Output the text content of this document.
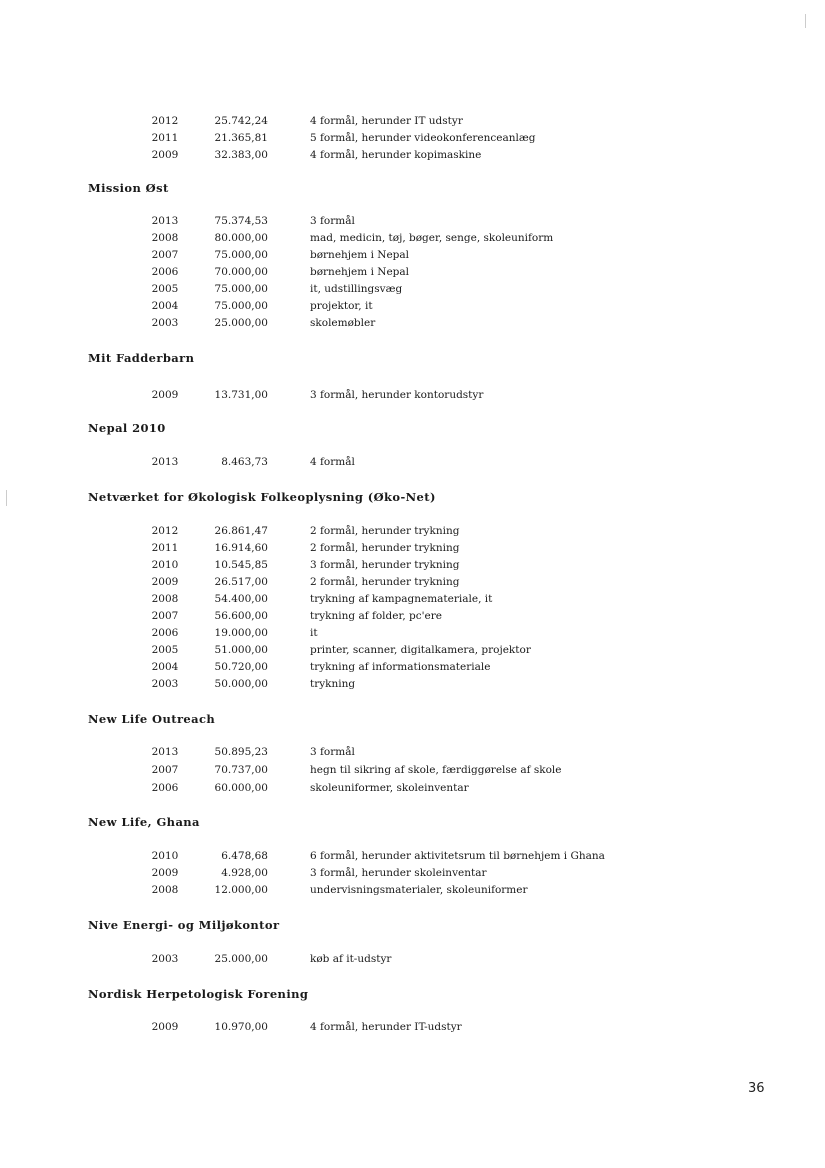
2012	25.742,24	4 formål, herunder IT udstyr
2011	21.365,81	5 formål, herunder videokonferenceanlæg
2009	32.383,00	4 formål, herunder kopimaskine
Mission Øst
2013	75.374,53	3 formål
2008	80.000,00	mad, medicin, tøj, bøger, senge, skoleuniform
2007	75.000,00	børnehjem i Nepal
2006	70.000,00	børnehjem i Nepal
2005	75.000,00	it, udstillingsvæg
2004	75.000,00	projektor, it
2003	25.000,00	skolemøbler
Mit Fadderbarn
2009	13.731,00	3 formål, herunder kontorudstyr
Nepal 2010
2013	8.463,73	4 formål
Netværket for Økologisk Folkeoplysning (Øko-Net)
2012	26.861,47	2 formål, herunder trykning
2011	16.914,60	2 formål, herunder trykning
2010	10.545,85	3 formål, herunder trykning
2009	26.517,00	2 formål, herunder trykning
2008	54.400,00	trykning af kampagnemateriale, it
2007	56.600,00	trykning af folder, pc'ere
2006	19.000,00	it
2005	51.000,00	printer, scanner, digitalkamera, projektor
2004	50.720,00	trykning af informationsmateriale
2003	50.000,00	trykning
New Life Outreach
2013	50.895,23	3 formål
2007	70.737,00	hegn til sikring af skole, færdiggørelse af skole
2006	60.000,00	skoleuniformer, skoleinventar
New Life, Ghana
2010	6.478,68	6 formål, herunder aktivitetsrum til børnehjem i Ghana
2009	4.928,00	3 formål, herunder skoleinventar
2008	12.000,00	undervisningsmaterialer, skoleuniformer
Nive Energi- og Miljøkontor
2003	25.000,00	køb af it-udstyr
Nordisk Herpetologisk Forening
2009	10.970,00	4 formål, herunder IT-udstyr
36
